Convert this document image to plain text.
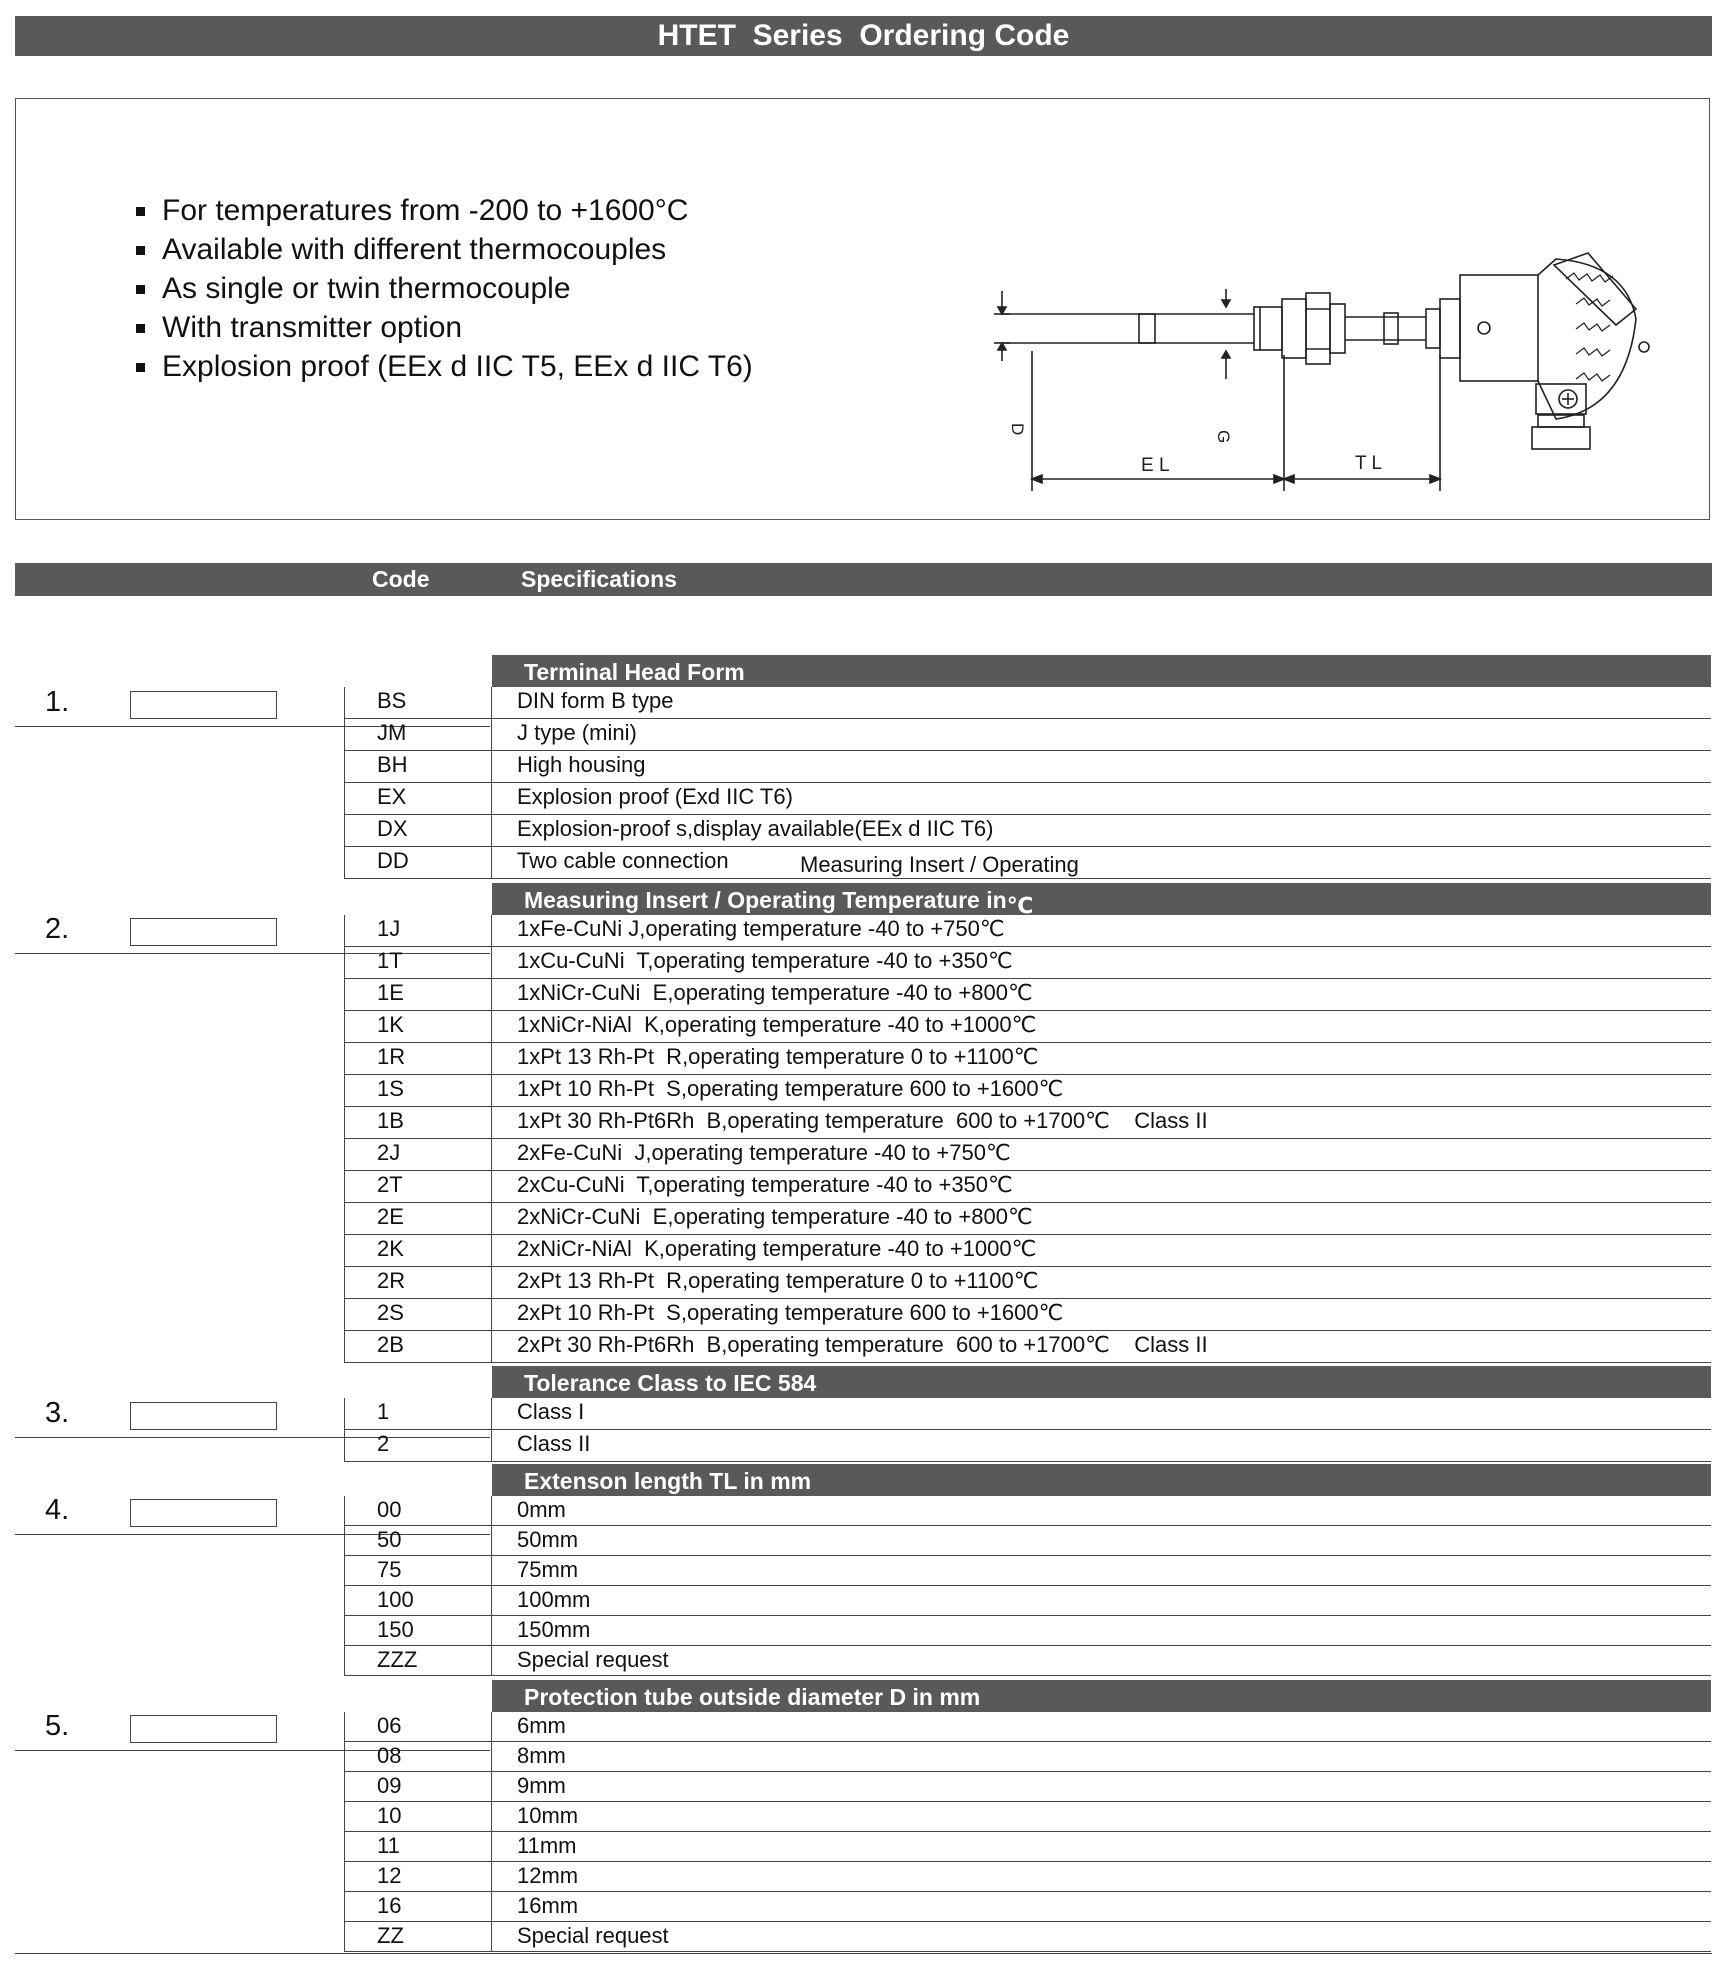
HTET  Series  Ordering Code
For temperatures from -200 to +1600°C
Available with different thermocouples
As single or twin thermocouple
With transmitter option
Explosion proof (EEx d IIC T5, EEx d IIC T6)
D
G
E L	T L
Code	Specifications
Terminal Head Form
1.	BS	DIN form B type
JM	J type (mini)
BH	High housing
EX	Explosion proof (Exd IIC T6)
DX	Explosion-proof s,display available(EEx d IIC T6)
DD	Two cable connection	Measuring Insert / Operating
Measuring Insert / Operating Temperature $in_℃$
2.	1J	1xFe-CuNi J,operating temperature -40 to +750℃
1T	1xCu-CuNi  T,operating temperature -40 to +350℃
1E	1xNiCr-CuNi  E,operating temperature -40 to +800℃
1K	1xNiCr-NiAl  K,operating temperature -40 to +1000℃
1R	1xPt 13 Rh-Pt  R,operating temperature 0 to +1100℃
1S	1xPt 10 Rh-Pt  S,operating temperature 600 to +1600℃
1B	1xPt 30 Rh-Pt6Rh  B,operating temperature  600 to +1700℃    Class II
2J	2xFe-CuNi  J,operating temperature -40 to +750℃
2T	2xCu-CuNi  T,operating temperature -40 to +350℃
2E	2xNiCr-CuNi  E,operating temperature -40 to +800℃
2K	2xNiCr-NiAl  K,operating temperature -40 to +1000℃
2R	2xPt 13 Rh-Pt  R,operating temperature 0 to +1100℃
2S	2xPt 10 Rh-Pt  S,operating temperature 600 to +1600℃
2B	2xPt 30 Rh-Pt6Rh  B,operating temperature  600 to +1700℃    Class II
Tolerance Class to IEC 584
3.	1	Class I
2	Class II
Extenson length TL in mm
4.	00	0mm
50	50mm
75	75mm
100	100mm
150	150mm
ZZZ	Special request
Protection tube outside diameter D in mm
5.	06	6mm
08	8mm
09	9mm
10	10mm
11	11mm
12	12mm
16	16mm
ZZ	Special request
